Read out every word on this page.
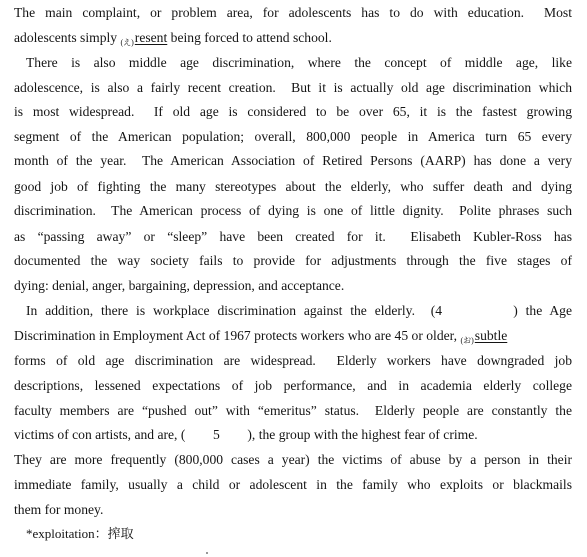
The main complaint, or problem area, for adolescents has to do with education.  Most
adolescents simply $_{(え)}$resent being forced to attend school.
There is also middle age discrimination, where the concept of middle age, like
adolescence, is also a fairly recent creation.  But it is actually old age discrimination which
is most widespread.  If old age is considered to be over 65, it is the fastest growing
segment of the American population; overall, 800,000 people in America turn 65 every
month of the year.  The American Association of Retired Persons (AARP) has done a very
good job of fighting the many stereotypes about the elderly, who suffer death and dying
discrimination.  The American process of dying is one of little dignity.  Polite phrases such
as “passing away” or “sleep” have been created for it.  Elisabeth Kubler-Ross has
documented the way society fails to provide for adjustments through the five stages of
dying: denial, anger, bargaining, depression, and acceptance.
In addition, there is workplace discrimination against the elderly.  (4	) the Age
Discrimination in Employment Act of 1967 protects workers who are 45 or older, $_{(お)}$subtle
forms of old age discrimination are widespread.  Elderly workers have downgraded job
descriptions, lessened expectations of job performance, and in academia elderly college
faculty members are “pushed out” with “emeritus” status.  Elderly people are constantly the
victims of con artists, and are, ( 5 ), the group with the highest fear of crime.
They are more frequently (800,000 cases a year) the victims of abuse by a person in their
immediate family, usually a child or adolescent in the family who exploits or blackmails
them for money.
*exploitation：搾取
